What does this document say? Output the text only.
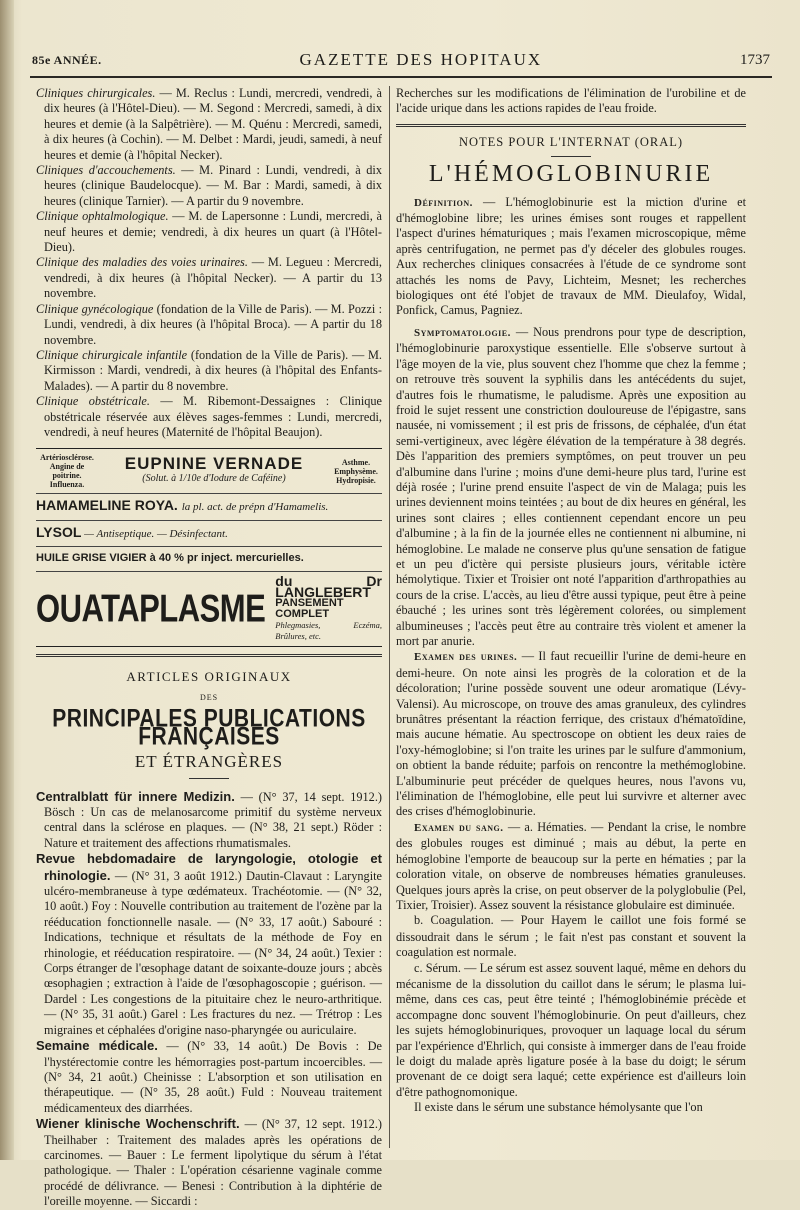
85e ANNÉE.	GAZETTE DES HOPITAUX	1737

Cliniques chirurgicales. — M. Reclus : Lundi, mercredi, vendredi, à dix heures (à l'Hôtel-Dieu). — M. Segond : Mercredi, samedi, à dix heures et demie (à la Salpêtrière). — M. Quénu : Mercredi, samedi, à dix heures (à Cochin). — M. Delbet : Mardi, jeudi, samedi, à neuf heures et demie (à l'hôpital Necker).

Cliniques d'accouchements. — M. Pinard : Lundi, vendredi, à dix heures (clinique Baudelocque). — M. Bar : Mardi, samedi, à dix heures (clinique Tarnier). — A partir du 9 novembre.

Clinique ophtalmologique. — M. de Lapersonne : Lundi, mercredi, à neuf heures et demie; vendredi, à dix heures un quart (à l'Hôtel-Dieu).

Clinique des maladies des voies urinaires. — M. Legueu : Mercredi, vendredi, à dix heures (à l'hôpital Necker). — A partir du 13 novembre.

Clinique gynécologique (fondation de la Ville de Paris). — M. Pozzi : Lundi, vendredi, à dix heures (à l'hôpital Broca). — A partir du 18 novembre.

Clinique chirurgicale infantile (fondation de la Ville de Paris). — M. Kirmisson : Mardi, vendredi, à dix heures (à l'hôpital des Enfants-Malades). — A partir du 8 novembre.

Clinique obstétricale. — M. Ribemont-Dessaignes : Clinique obstétricale réservée aux élèves sages-femmes : Lundi, mercredi, vendredi, à neuf heures (Maternité de l'hôpital Beaujon).

Artériosclérose. Angine de poitrine. Influenza.
EUPNINE VERNADE
(Solut. à 1/10e d'Iodure de Caféine)
Asthme. Emphysème. Hydropisie.
HAMAMELINE ROYA. la pl. act. de prépn d'Hamamelis.
LYSOL — Antiseptique. — Désinfectant.
HUILE GRISE VIGIER à 40 % pr inject. mercurielles.
OUATAPLASME
du Dr LANGLEBERT
PANSEMENT COMPLET
Phlegmasies, Eczéma, Brûlures, etc.
ARTICLES ORIGINAUX
DES
PRINCIPALES PUBLICATIONS FRANÇAISES
ET ÉTRANGÈRES

Centralblatt für innere Medizin. — (N° 37, 14 sept. 1912.) Bösch : Un cas de melanosarcome primitif du système nerveux central dans la sclérose en plaques. — (N° 38, 21 sept.) Röder : Nature et traitement des affections rhumatismales.

Revue hebdomadaire de laryngologie, otologie et rhinologie. — (N° 31, 3 août 1912.) Dautin-Clavaut : Laryngite ulcéro-membraneuse à type œdémateux. Trachéotomie. — (N° 32, 10 août.) Foy : Nouvelle contribution au traitement de l'ozène par la rééducation fonctionnelle nasale. — (N° 33, 17 août.) Sabouré : Indications, technique et résultats de la méthode de Foy en rhinologie, et rééducation respiratoire. — (N° 34, 24 août.) Texier : Corps étranger de l'œsophage datant de soixante-douze jours ; abcès œsophagien ; extraction à l'aide de l'œsophagoscopie ; guérison. — Dardel : Les congestions de la pituitaire chez le neuro-arthritique. — (N° 35, 31 août.) Garel : Les fractures du nez. — Trétrop : Les migraines et céphalées d'origine naso-pharyngée ou auriculaire.

Semaine médicale. — (N° 33, 14 août.) De Bovis : De l'hystérectomie contre les hémorragies post-partum incoercibles. — (N° 34, 21 août.) Cheinisse : L'absorption et son utilisation en thérapeutique. — (N° 35, 28 août.) Fuld : Nouveau traitement médicamenteux des diarrhées.

Wiener klinische Wochenschrift. — (N° 37, 12 sept. 1912.) Theilhaber : Traitement des malades après les opérations de carcinomes. — Bauer : Le ferment lipolytique du sérum à l'état pathologique. — Thaler : L'opération césarienne vaginale comme procédé de délivrance. — Benesi : Contribution à la diphtérie de l'oreille moyenne. — Siccardi :

Recherches sur les modifications de l'élimination de l'urobiline et de l'acide urique dans les actions rapides de l'eau froide.

NOTES POUR L'INTERNAT (ORAL)
L'HÉMOGLOBINURIE

Définition. — L'hémoglobinurie est la miction d'urine et d'hémoglobine libre; les urines émises sont rouges et rappellent l'aspect d'urines hématuriques ; mais l'examen microscopique, même après centrifugation, ne permet pas d'y déceler des globules rouges. Aux recherches cliniques consacrées à l'étude de ce syndrome sont attachés les noms de Pavy, Lichteim, Mesnet; les recherches biologiques ont été l'objet de travaux de MM. Dieulafoy, Widal, Ponfick, Camus, Pagniez.

Symptomatologie. — Nous prendrons pour type de description, l'hémoglobinurie paroxystique essentielle. Elle s'observe surtout à l'âge moyen de la vie, plus souvent chez l'homme que chez la femme ; on retrouve très souvent la syphilis dans les antécédents du sujet, d'autres fois le rhumatisme, le paludisme. Après une exposition au froid le sujet ressent une constriction douloureuse de l'épigastre, sans nausée, ni vomissement ; il est pris de frissons, de céphalée, d'un état semi-vertigineux, avec légère élévation de la température à 38 degrés. Dès l'apparition des premiers symptômes, on peut trouver un peu d'albumine dans l'urine ; moins d'une demi-heure plus tard, l'urine est déjà rosée ; l'urine prend ensuite l'aspect de vin de Malaga; puis les urines deviennent moins teintées ; au bout de dix heures en général, les urines sont claires ; elles contiennent cependant encore un peu d'albumine ; à la fin de la journée elles ne contiennent ni albumine, ni hémoglobine. Le malade ne conserve plus qu'une sensation de fatigue et un peu d'ictère qui persiste plusieurs jours, véritable ictère hémolytique. Tixier et Troisier ont noté l'apparition d'arthropathies au cours de la crise. L'accès, au lieu d'être aussi typique, peut être à peine ébauché ; les urines sont très légèrement colorées, ou simplement albumineuses ; l'accès peut être au contraire très violent et amener la mort par anurie.

Examen des urines. — Il faut recueillir l'urine de demi-heure en demi-heure. On note ainsi les progrès de la coloration et de la décoloration; l'urine possède souvent une odeur aromatique (Lévy-Valensi). Au microscope, on trouve des amas granuleux, des cylindres brunâtres présentant la réaction ferrique, des cristaux d'hématoïdine, mais aucune hématie. Au spectroscope on obtient les deux raies de l'oxy-hémoglobine; si l'on traite les urines par le sulfure d'ammonium, on obtient la bande réduite; parfois on rencontre la methémoglobine. L'albuminurie peut précéder de quelques heures, nous l'avons vu, l'élimination de l'hémoglobine, elle peut lui survivre et alterner avec des crises d'hémoglobinurie.

Examen du sang. — a. Hématies. — Pendant la crise, le nombre des globules rouges est diminué ; mais au début, la perte en hémoglobine l'emporte de beaucoup sur la perte en hématies ; par la coloration vitale, on observe de nombreuses hématies granuleuses. Quelques jours après la crise, on peut observer de la polyglobulie (Pel, Tixier, Troisier). Assez souvent la résistance globulaire est diminuée.

b. Coagulation. — Pour Hayem le caillot une fois formé se dissoudrait dans le sérum ; le fait n'est pas constant et souvent la coagulation est normale.

c. Sérum. — Le sérum est assez souvent laqué, même en dehors du mécanisme de la dissolution du caillot dans le sérum; le plasma lui-même, dans ces cas, peut être teinté ; l'hémoglobinémie précède et accompagne donc souvent l'hémoglobinurie. On peut d'ailleurs, chez les sujets hémoglobinuriques, provoquer un laquage local du sérum par l'expérience d'Ehrlich, qui consiste à immerger dans de l'eau froide le doigt du malade après ligature posée à la base du doigt; le sérum provenant de ce doigt sera laqué; cette expérience est d'ailleurs loin d'être pathognomonique.

Il existe dans le sérum une substance hémolysante que l'on
